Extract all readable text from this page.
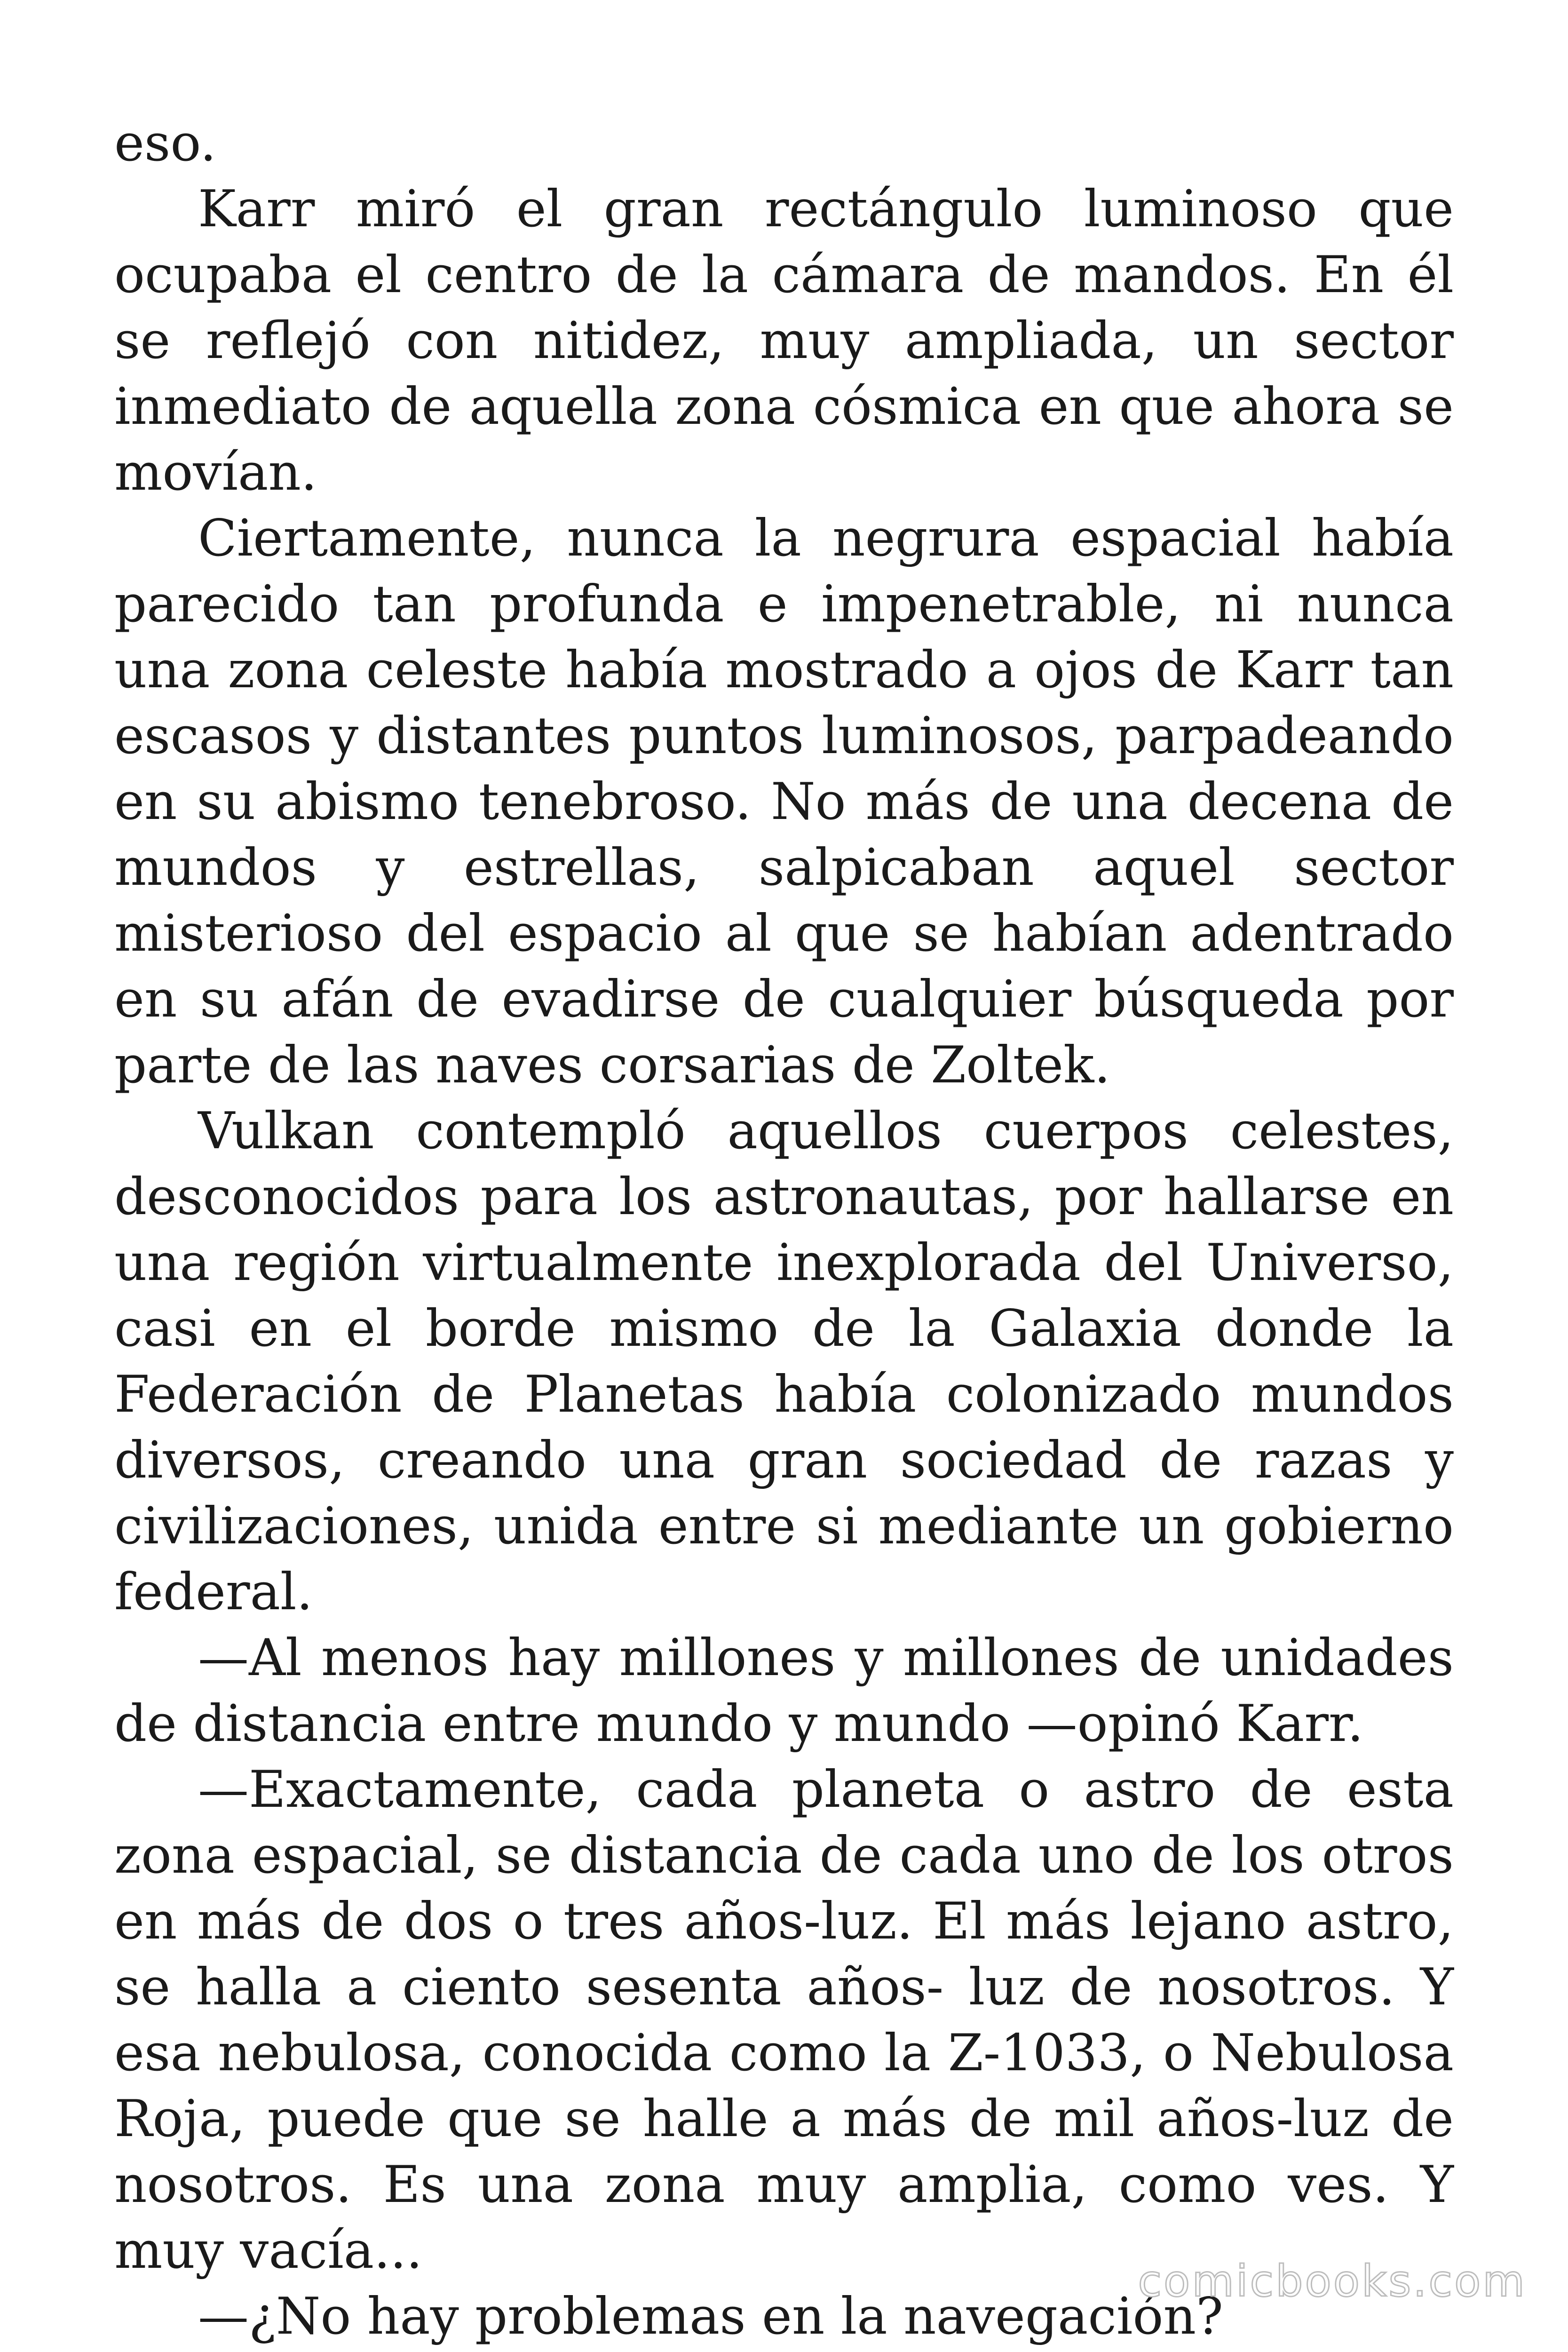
eso.

Karr miró el gran rectángulo luminoso que ocupaba el centro de la cámara de mandos. En él se reflejó con nitidez, muy ampliada, un sector inmediato de aquella zona cósmica en que ahora se movían.

Ciertamente, nunca la negrura espacial había parecido tan profunda e impenetrable, ni nunca una zona celeste había mostrado a ojos de Karr tan escasos y distantes puntos luminosos, parpadeando en su abismo tenebroso. No más de una decena de mundos y estrellas, salpicaban aquel sector misterioso del espacio al que se habían adentrado en su afán de evadirse de cualquier búsqueda por parte de las naves corsarias de Zoltek.

Vulkan contempló aquellos cuerpos celestes, desconocidos para los astronautas, por hallarse en una región virtualmente inexplorada del Universo, casi en el borde mismo de la Galaxia donde la Federación de Planetas había colonizado mundos diversos, creando una gran sociedad de razas y civilizaciones, unida entre si mediante un gobierno federal.

—Al menos hay millones y millones de unidades de distancia entre mundo y mundo —opinó Karr.

—Exactamente, cada planeta o astro de esta zona espacial, se distancia de cada uno de los otros en más de dos o tres años-luz. El más lejano astro, se halla a ciento sesenta años- luz de nosotros. Y esa nebulosa, conocida como la Z-1033, o Nebulosa Roja, puede que se halle a más de mil años-luz de nosotros. Es una zona muy amplia, como ves. Y muy vacía...

—¿No hay problemas en la navegación?

comicbooks.com
